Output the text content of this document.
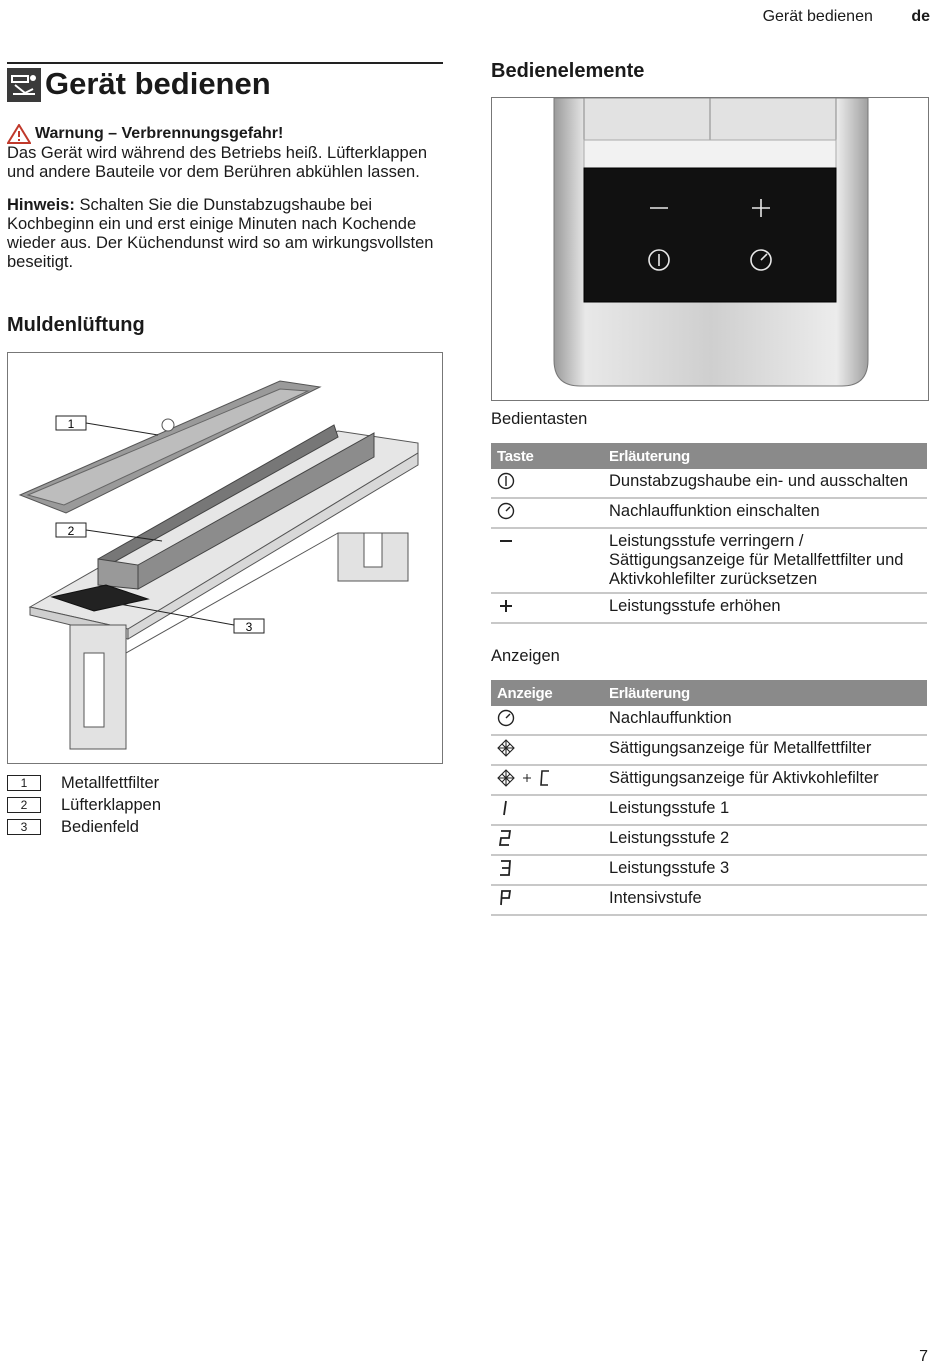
Gerät bedienen de
Gerät bedienen
Warnung – Verbrennungsgefahr!

Das Gerät wird während des Betriebs heiß. Lüfterklappen und andere Bauteile vor dem Berühren abkühlen lassen.

Hinweis: Schalten Sie die Dunstabzugshaube bei Kochbeginn ein und erst einige Minuten nach Kochende wieder aus. Der Küchendunst wird so am wirkungsvollsten beseitigt.

Muldenlüftung
1
2
3
1	Metallfettfilter
2	Lüfterklappen
3	Bedienfeld
Bedienelemente
Bedientasten
Taste	Erläuterung
	Dunstabzugshaube ein- und ausschalten
	Nachlauffunktion einschalten
	Leistungsstufe verringern / Sättigungsanzeige für Metallfettfilter und Aktivkohlefilter zurücksetzen
	Leistungsstufe erhöhen
Anzeigen
Anzeige	Erläuterung
	Nachlauffunktion
	Sättigungsanzeige für Metallfettfilter
	Sättigungsanzeige für Aktivkohlefilter
	Leistungsstufe 1
	Leistungsstufe 2
	Leistungsstufe 3
	Intensivstufe
7
